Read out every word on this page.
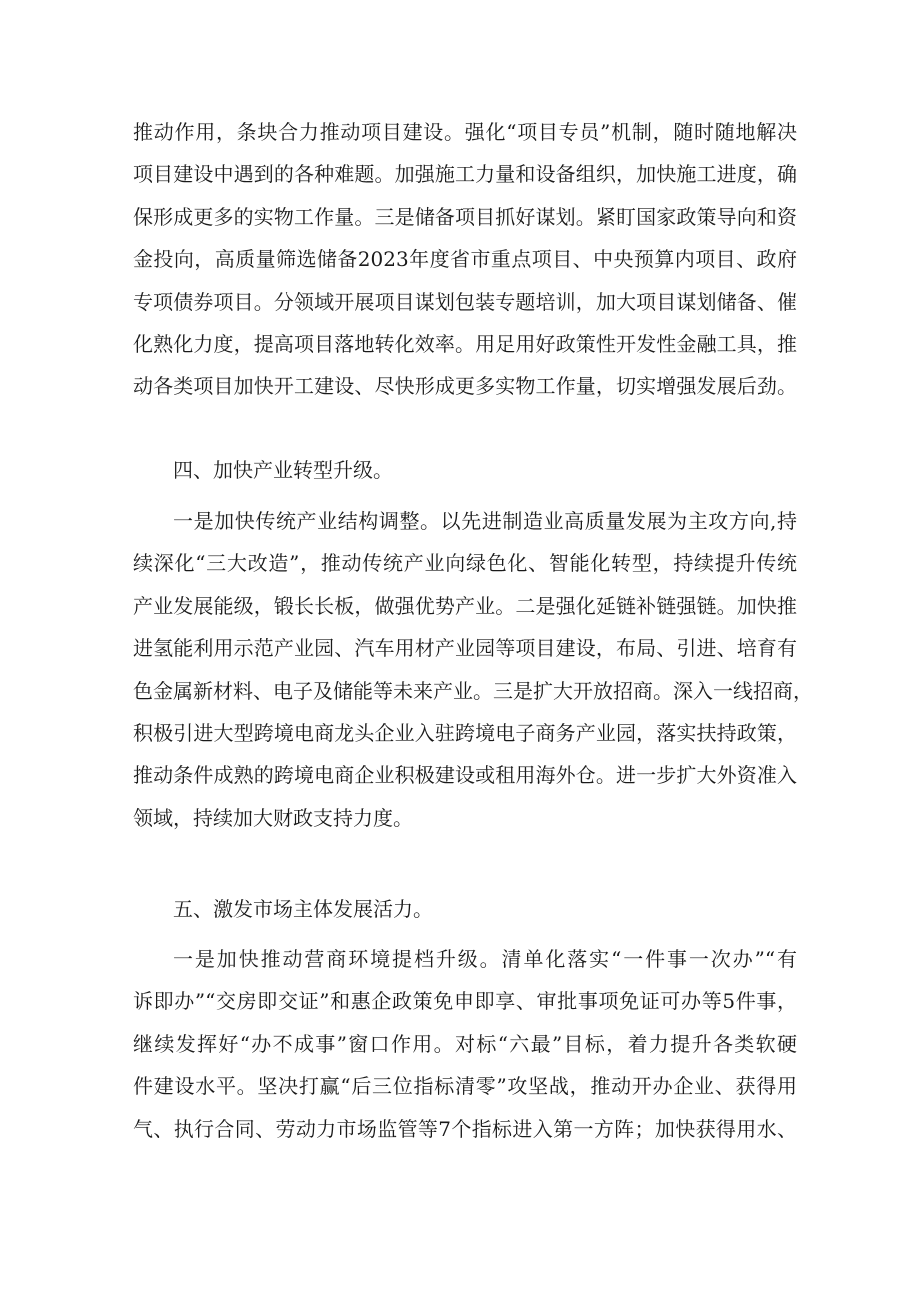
推动作用，条块合力推动项目建设。强化“项目专员”机制，随时随地解决
项目建设中遇到的各种难题。加强施工力量和设备组织，加快施工进度，确
保形成更多的实物工作量。三是储备项目抓好谋划。紧盯国家政策导向和资
金投向，高质量筛选储备2023年度省市重点项目、中央预算内项目、政府
专项债券项目。分领域开展项目谋划包装专题培训，加大项目谋划储备、催
化熟化力度，提高项目落地转化效率。用足用好政策性开发性金融工具，推
动各类项目加快开工建设、尽快形成更多实物工作量，切实增强发展后劲。
四、加快产业转型升级。
一是加快传统产业结构调整。以先进制造业高质量发展为主攻方向,持
续深化“三大改造”，推动传统产业向绿色化、智能化转型，持续提升传统
产业发展能级，锻长长板，做强优势产业。二是强化延链补链强链。加快推
进氢能利用示范产业园、汽车用材产业园等项目建设，布局、引进、培育有
色金属新材料、电子及储能等未来产业。三是扩大开放招商。深入一线招商，
积极引进大型跨境电商龙头企业入驻跨境电子商务产业园，落实扶持政策，
推动条件成熟的跨境电商企业积极建设或租用海外仓。进一步扩大外资准入
领域，持续加大财政支持力度。
五、激发市场主体发展活力。
一是加快推动营商环境提档升级。清单化落实“一件事一次办”“有
诉即办”“交房即交证”和惠企政策免申即享、审批事项免证可办等5件事，
继续发挥好“办不成事”窗口作用。对标“六最”目标，着力提升各类软硬
件建设水平。坚决打赢“后三位指标清零”攻坚战，推动开办企业、获得用
气、执行合同、劳动力市场监管等7个指标进入第一方阵；加快获得用水、
